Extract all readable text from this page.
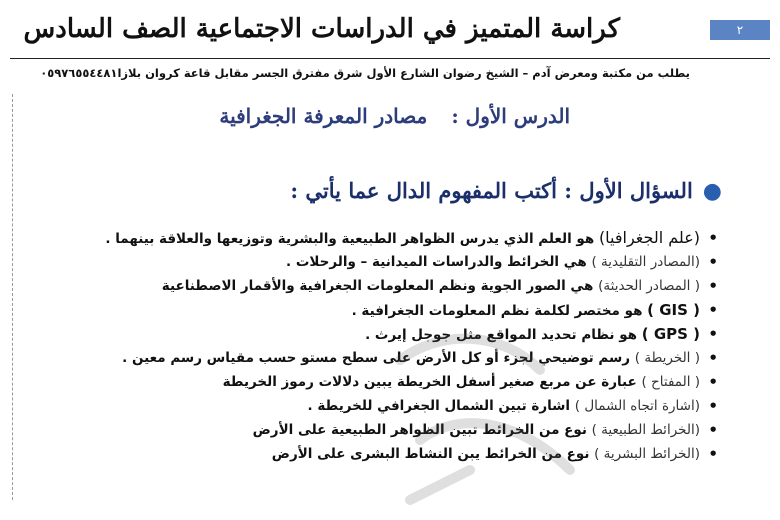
٢
كراسة المتميز في الدراسات الاجتماعية الصف السادس
يطلب من مكتبة ومعرض آدم – الشيخ رضوان الشارع الأول شرق مفترق الجسر مقابل قاعة كروان بلازا٠٥٩٧٦٥٥٤٤٨١
الدرس الأول :مصادر المعرفة الجغرافية
●السؤال الأول : أكتب المفهوم الدال عما يأتي :
• (علم الجغرافيا) هو العلم الذي يدرس الظواهر الطبيعية والبشرية وتوزيعها والعلاقة بينهما .
• (المصادر التقليدية ) هي الخرائط والدراسات الميدانية – والرحلات .
• ( المصادر الحديثة) هي الصور الجوية ونظم المعلومات الجغرافية والأقمار الاصطناعية
• ( GIS ) هو مختصر لكلمة نظم المعلومات الجغرافية .
• ( GPS ) هو نظام تحديد المواقع مثل جوجل إيرث .
• ( الخريطة ) رسم توضيحي لجزء أو كل الأرض على سطح مستو حسب مقياس رسم معين .
• ( المفتاح ) عبارة عن مربع صغير أسفل الخريطة يبين دلالات رموز الخريطة
• (اشارة اتجاه الشمال ) اشارة تبين الشمال الجغرافي للخريطة .
• (الخرائط الطبيعية ) نوع من الخرائط تبين الظواهر الطبيعية على الأرض
• (الخرائط البشرية ) نوع من الخرائط يبن النشاط البشرى على الأرض
